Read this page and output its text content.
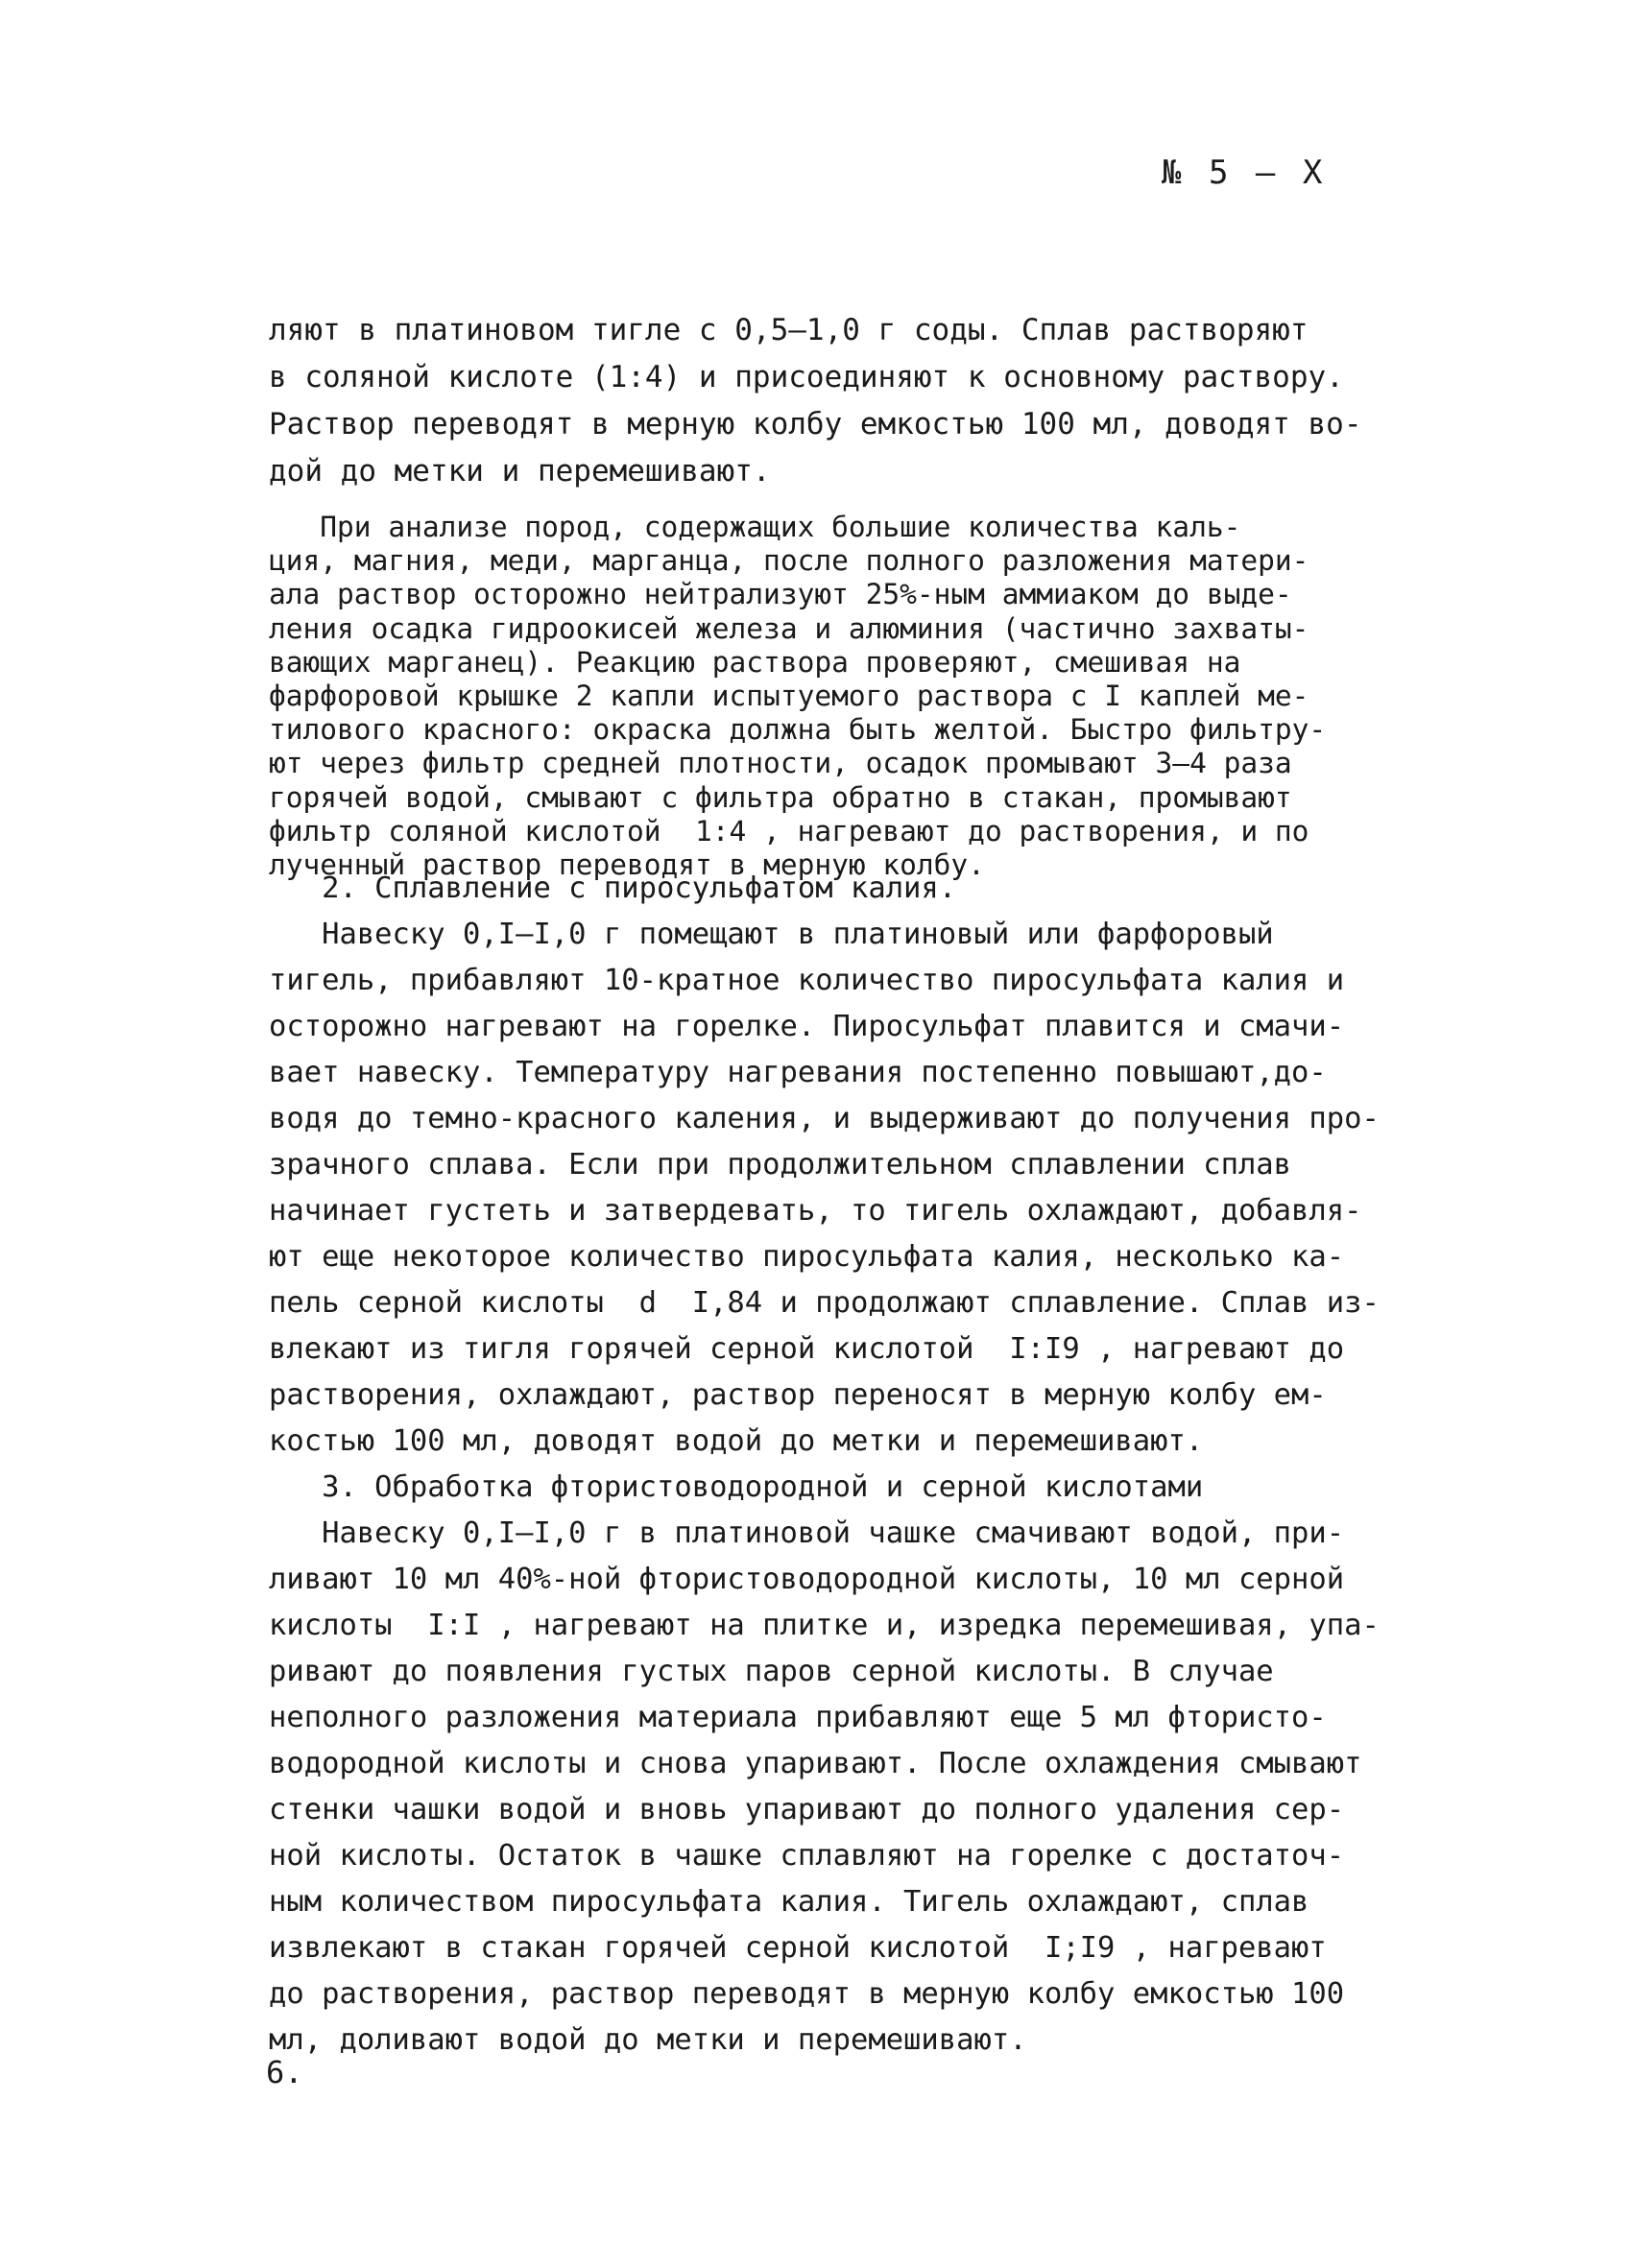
№ 5 – Х
ляют в платиновом тигле с 0,5–1,0 г соды. Сплав растворяют
в соляной кислоте (1:4) и присоединяют к основному раствору.
Раствор переводят в мерную колбу емкостью 100 мл, доводят во-
дой до метки и перемешивают.
При анализе пород, содержащих большие количества каль-
ция, магния, меди, марганца, после полного разложения матери-
ала раствор осторожно нейтрализуют 25%-ным аммиаком до выде-
ления осадка гидроокисей железа и алюминия (частично захваты-
вающих марганец). Реакцию раствора проверяют, смешивая на
фарфоровой крышке 2 капли испытуемого раствора с I каплей ме-
тилового красного: окраска должна быть желтой. Быстро фильтру-
ют через фильтр средней плотности, осадок промывают 3–4 раза
горячей водой, смывают с фильтра обратно в стакан, промывают
фильтр соляной кислотой  1:4 , нагревают до растворения, и по
лученный раствор переводят в мерную колбу.
2. Сплавление с пиросульфатом калия.
Навеску 0,I–I,0 г помещают в платиновый или фарфоровый
тигель, прибавляют 10-кратное количество пиросульфата калия и
осторожно нагревают на горелке. Пиросульфат плавится и смачи-
вает навеску. Температуру нагревания постепенно повышают,до-
водя до темно-красного каления, и выдерживают до получения про-
зрачного сплава. Если при продолжительном сплавлении сплав
начинает густеть и затвердевать, то тигель охлаждают, добавля-
ют еще некоторое количество пиросульфата калия, несколько ка-
пель серной кислоты  d  I,84 и продолжают сплавление. Сплав из-
влекают из тигля горячей серной кислотой  I:I9 , нагревают до
растворения, охлаждают, раствор переносят в мерную колбу ем-
костью 100 мл, доводят водой до метки и перемешивают.
3. Обработка фтористоводородной и серной кислотами
Навеску 0,I–I,0 г в платиновой чашке смачивают водой, при-
ливают 10 мл 40%-ной фтористоводородной кислоты, 10 мл серной
кислоты  I:I , нагревают на плитке и, изредка перемешивая, упа-
ривают до появления густых паров серной кислоты. В случае
неполного разложения материала прибавляют еще 5 мл фтористо-
водородной кислоты и снова упаривают. После охлаждения смывают
стенки чашки водой и вновь упаривают до полного удаления сер-
ной кислоты. Остаток в чашке сплавляют на горелке с достаточ-
ным количеством пиросульфата калия. Тигель охлаждают, сплав
извлекают в стакан горячей серной кислотой  I;I9 , нагревают
до растворения, раствор переводят в мерную колбу емкостью 100
мл, доливают водой до метки и перемешивают.
6.
